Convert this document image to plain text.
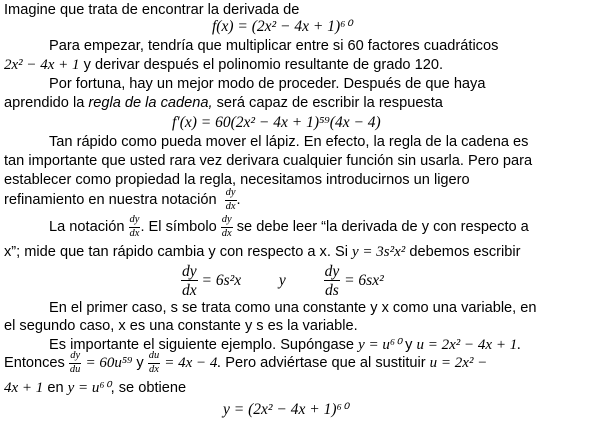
Imagine que trata de encontrar la derivada de
f(x) = (2x² − 4x + 1)⁶⁰
Para empezar, tendría que multiplicar entre si 60 factores cuadráticos
2x² − 4x + 1 y derivar después el polinomio resultante de grado 120.
Por fortuna, hay un mejor modo de proceder. Después de que haya
aprendido la regla de la cadena, será capaz de escribir la respuesta
f′(x) = 60(2x² − 4x + 1)⁵⁹(4x − 4)
Tan rápido como pueda mover el lápiz. En efecto, la regla de la cadena es
tan importante que usted rara vez derivara cualquier función sin usarla. Pero para
establecer como propiedad la regla, necesitamos introducirnos un ligero
refinamiento en nuestra notación $\frac{dy}{dx}$ .
La notación $\frac{dy}{dx}$ . El símbolo $\frac{dy}{dx}$ se debe leer “la derivada de y con respecto a
x”; mide que tan rápido cambia y con respecto a x. Si y = 3s²x² debemos escribir
$\frac{dy}{dx} = 6s^2x$ y $\frac{dy}{ds} = 6sx^2$
En el primer caso, s se trata como una constante y x como una variable, en
el segundo caso, x es una constante y s es la variable.
Es importante el siguiente ejemplo. Supóngase y = u⁶⁰ y u = 2x² − 4x + 1.
Entonces $\frac{dy}{du} = 60u^{59}$ y $\frac{du}{dx} = 4x - 4$. Pero adviértase que al sustituir u = 2x² −
4x + 1 en y = u⁶⁰, se obtiene
y = (2x² − 4x + 1)⁶⁰
